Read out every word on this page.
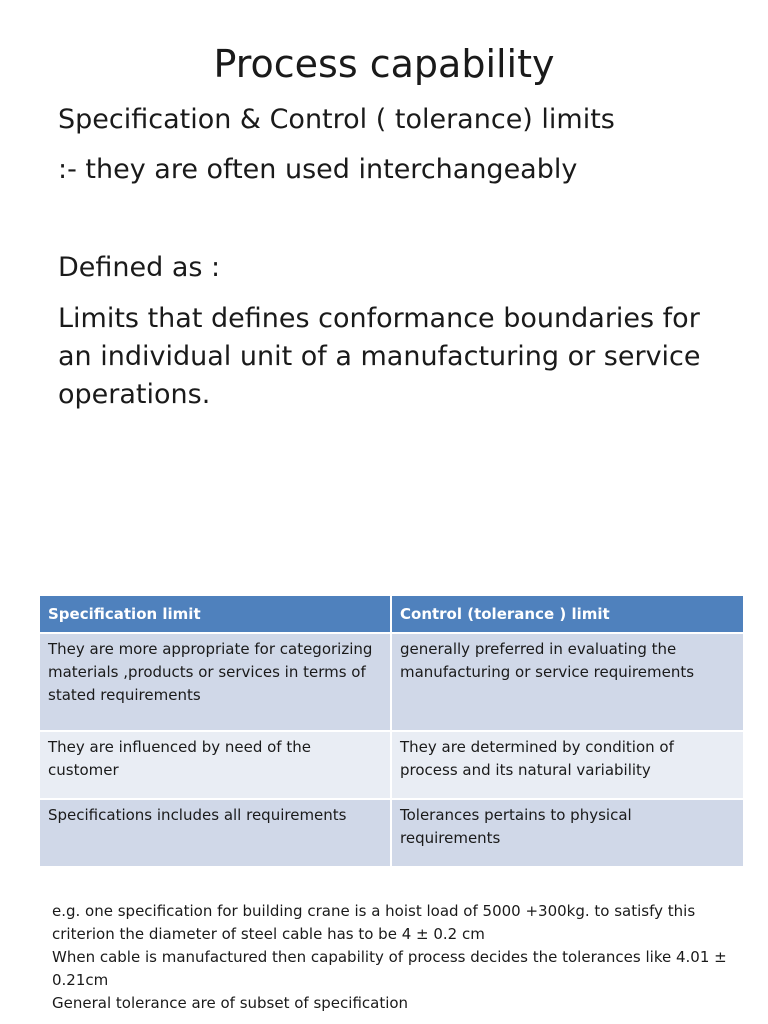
Process capability
Specification & Control ( tolerance) limits
:- they are often used interchangeably
Defined as :
Limits that defines conformance boundaries for an individual unit of a manufacturing or service operations.
Specification limit	Control (tolerance ) limit
They are more appropriate for categorizing materials ,products or services in terms of stated requirements	generally preferred in evaluating the manufacturing or service requirements
They are influenced by need of the customer	They are determined by condition of process and its natural variability
Specifications includes all requirements	Tolerances pertains to physical requirements

e.g. one specification for building crane is a hoist load of 5000 +300kg. to satisfy this criterion the diameter of steel cable has to be 4 ± 0.2 cm

When cable is manufactured then capability of process decides the tolerances like 4.01 ± 0.21cm

General tolerance are of subset of specification
